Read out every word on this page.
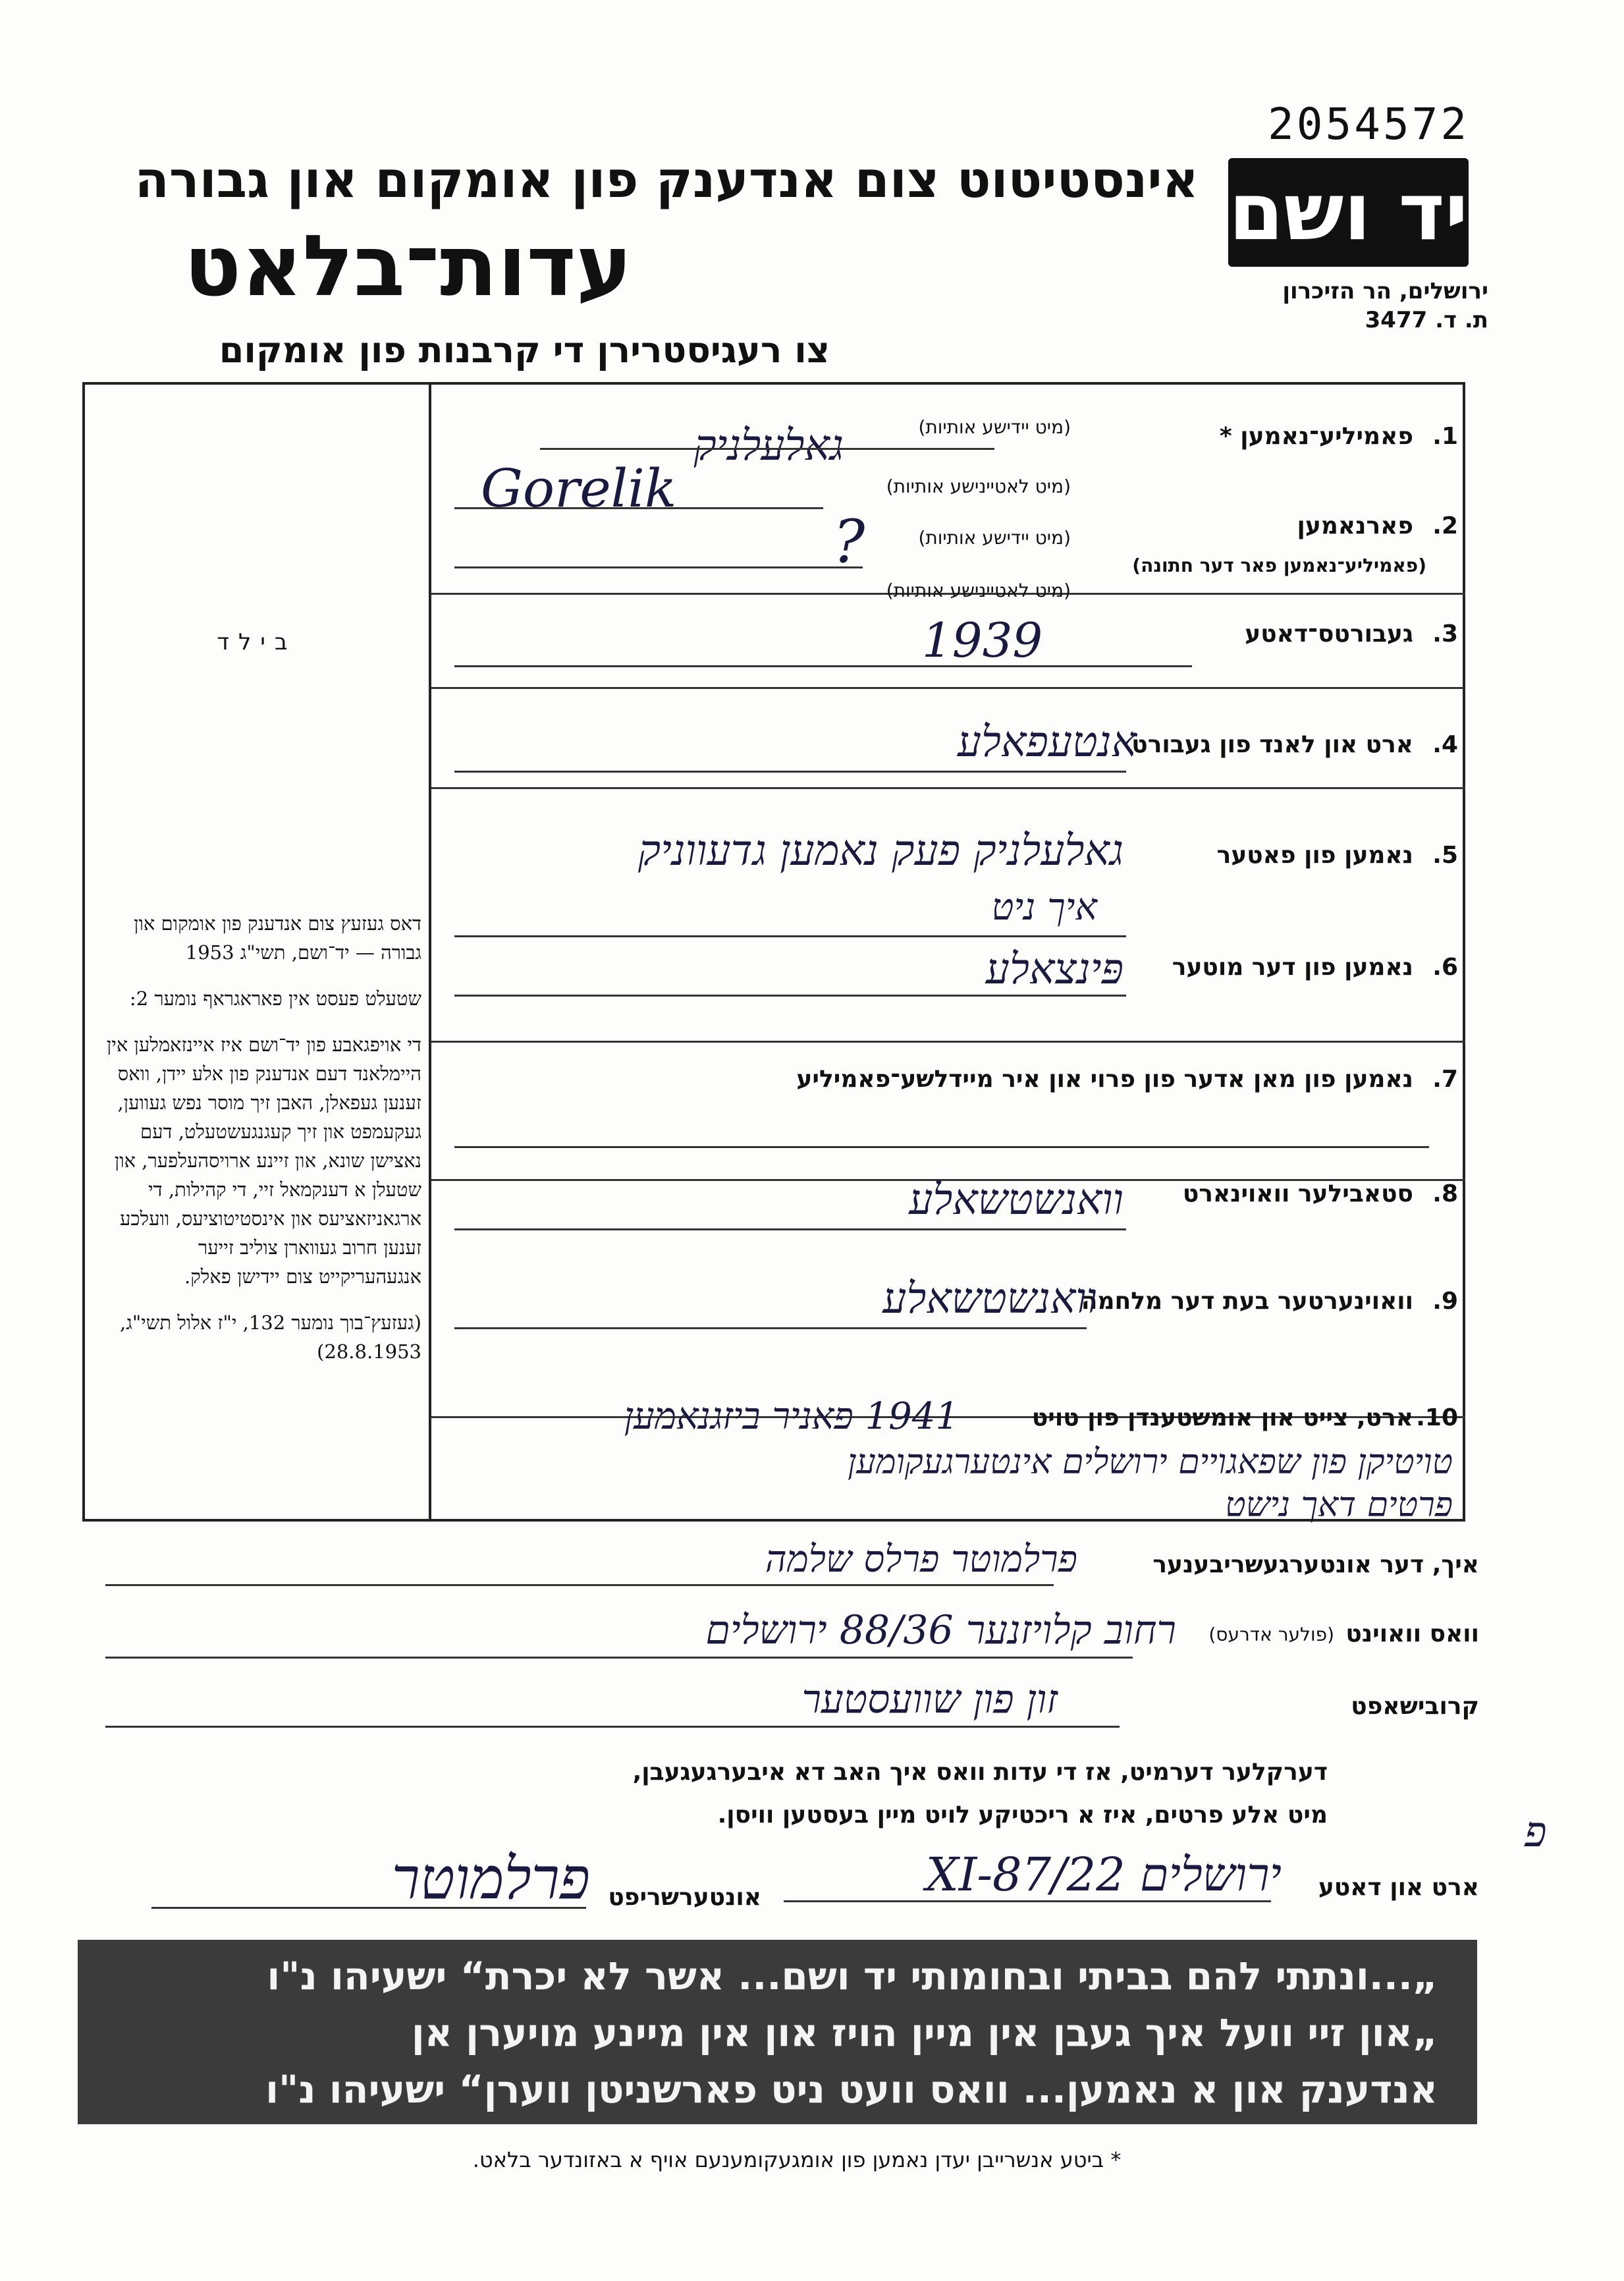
2054572
יד ושם
ירושלים, הר הזיכרון
ת. ד. 3477
אינסטיטוט צום אנדענק פון אומקום און גבורה
עדות־בלאט
צו רעגיסטרירן די קרבנות פון אומקום
בילד

דאס געזעץ צום אנדענק פון אומקום און גבורה — יד־ושם, תשי"ג 1953

שטעלט פעסט אין פאראגראף נומער 2:

די אויפגאבע פון יד־ושם איז איינזאמלען אין היימלאנד דעם אנדענק פון אלע יידן, וואס זענען געפאלן, האבן זיך מוסר נפש געווען, געקעמפט און זיך קעגנגעשטעלט, דעם נאצישן שונא, און זיינע ארויסהעלפער, און שטעלן א דענקמאל זיי, די קהילות, די ארגאניזאציעס און אינסטיטוציעס, וועלכע זענען חרוב געווארן צוליב זייער אנגעהעריקייט צום יידישן פאלק.

(געזעץ־בוך נומער 132, י"ז אלול תשי"ג, 28.8.1953)

1.
פאמיליע־נאמען *
(מיט יידישע אותיות)
גאלעלניק
(מיט לאטיינישע אותיות)
Gorelik
2.
פארנאמען
(פאמיליע־נאמען פאר דער חתונה)
(מיט יידישע אותיות)
?
(מיט לאטיינישע אותיות)
3.
געבורטס־דאטע
1939
4.
ארט און לאנד פון געבורט
אנטעפאלע
5.
נאמען פון פאטער
גאלעלניק פעק נאמען גדעווניק
איך ניט
6.
נאמען פון דער מוטער
פּינצאלע
7.
נאמען פון מאן אדער פון פרוי און איר מיידלשע־פאמיליע
8.
סטאבילער וואוינארט
וואנשטשאלע
9.
וואוינערטער בעת דער מלחמה
וואנשטשאלע
10.
ארט, צייט און אומשטענדן פון טויט
1941 פאניר ביזגנאמען
טויטיקן פון שפאגויים ירושלים אינטערגעקומען
פרטים דאך נישט
איך, דער אונטערגעשריבענער
פרלמוטר פרלס שלמה
וואס וואוינט
(פולער אדרעס)
רחוב קלויזנער 88/36 ירושלים
קרובישאפט
זון פון שוועסטער
דערקלער דערמיט, אז די עדות וואס איך האב דא איבערגעגעבן,
מיט אלע פרטים, איז א ריכטיקע לויט מיין בעסטען וויסן.
ארט און דאטע
ירושלים 22/XI-87
אונטערשריפט
פרלמוטר
„...ונתתי להם בביתי ובחומותי יד ושם... אשר לא יכרת“ ישעיהו נ"ו
„און זיי וועל איך געבן אין מיין הויז און אין מיינע מויערן אן
אנדענק און א נאמען... וואס וועט ניט פארשניטן ווערן“ ישעיהו נ"ו
* ביטע אנשרייבן יעדן נאמען פון אומגעקומענעם אויף א באזונדער בלאט.
פ
